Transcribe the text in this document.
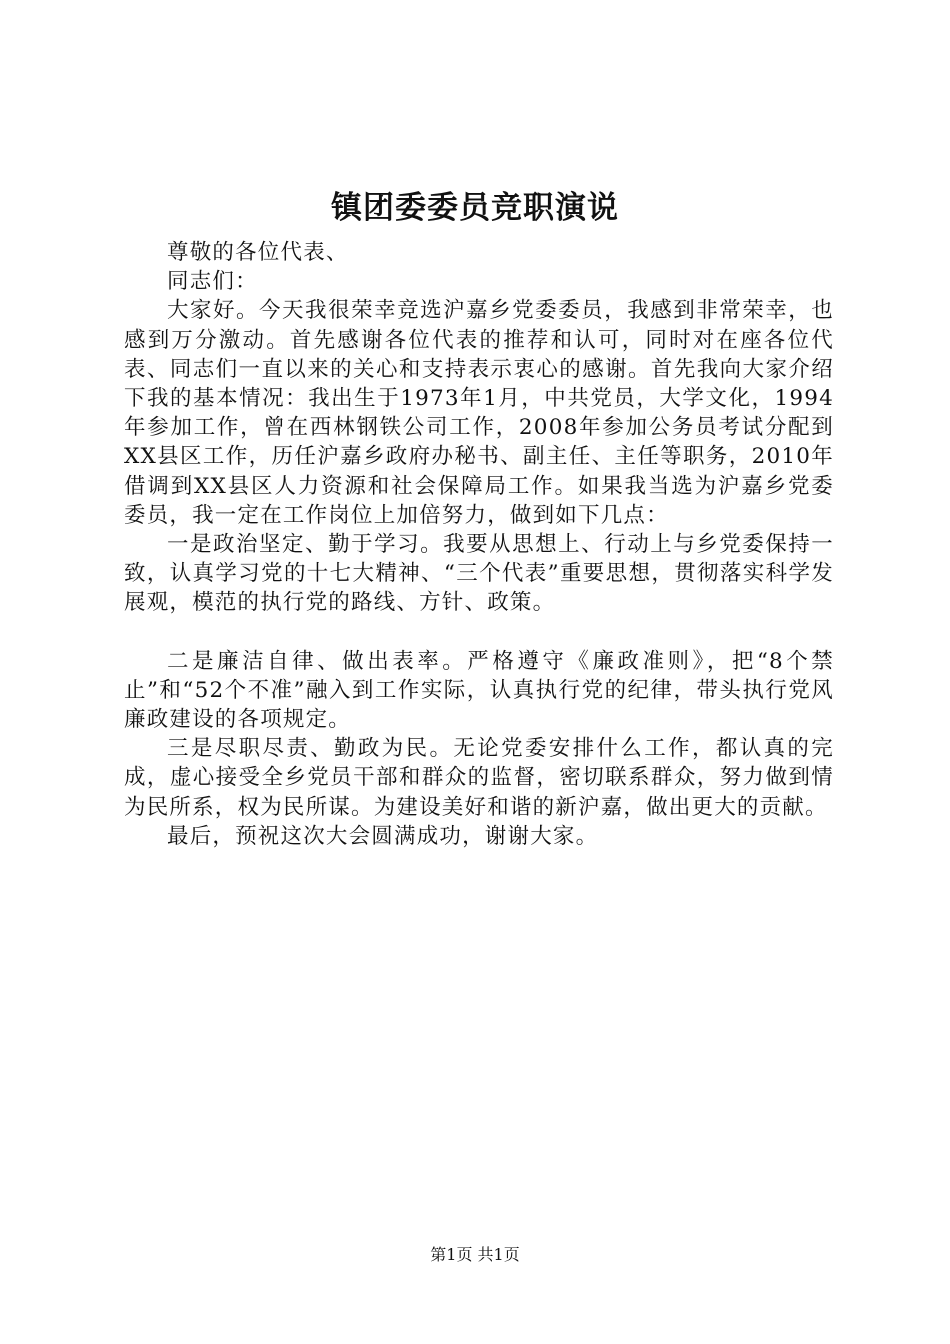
镇团委委员竞职演说

尊敬的各位代表、

同志们：

大家好。今天我很荣幸竞选沪嘉乡党委委员，我感到非常荣幸，也感到万分激动。首先感谢各位代表的推荐和认可，同时对在座各位代表、同志们一直以来的关心和支持表示衷心的感谢。首先我向大家介绍下我的基本情况：我出生于1973年1月，中共党员，大学文化，1994年参加工作，曾在西林钢铁公司工作，2008年参加公务员考试分配到XX县区工作，历任沪嘉乡政府办秘书、副主任、主任等职务，2010年借调到XX县区人力资源和社会保障局工作。如果我当选为沪嘉乡党委委员，我一定在工作岗位上加倍努力，做到如下几点：

一是政治坚定、勤于学习。我要从思想上、行动上与乡党委保持一致，认真学习党的十七大精神、“三个代表”重要思想，贯彻落实科学发展观，模范的执行党的路线、方针、政策。

二是廉洁自律、做出表率。严格遵守《廉政准则》，把“8个禁止”和“52个不准”融入到工作实际，认真执行党的纪律，带头执行党风廉政建设的各项规定。

三是尽职尽责、勤政为民。无论党委安排什么工作，都认真的完成，虚心接受全乡党员干部和群众的监督，密切联系群众，努力做到情为民所系，权为民所谋。为建设美好和谐的新沪嘉，做出更大的贡献。

最后，预祝这次大会圆满成功，谢谢大家。

第1页 共1页
